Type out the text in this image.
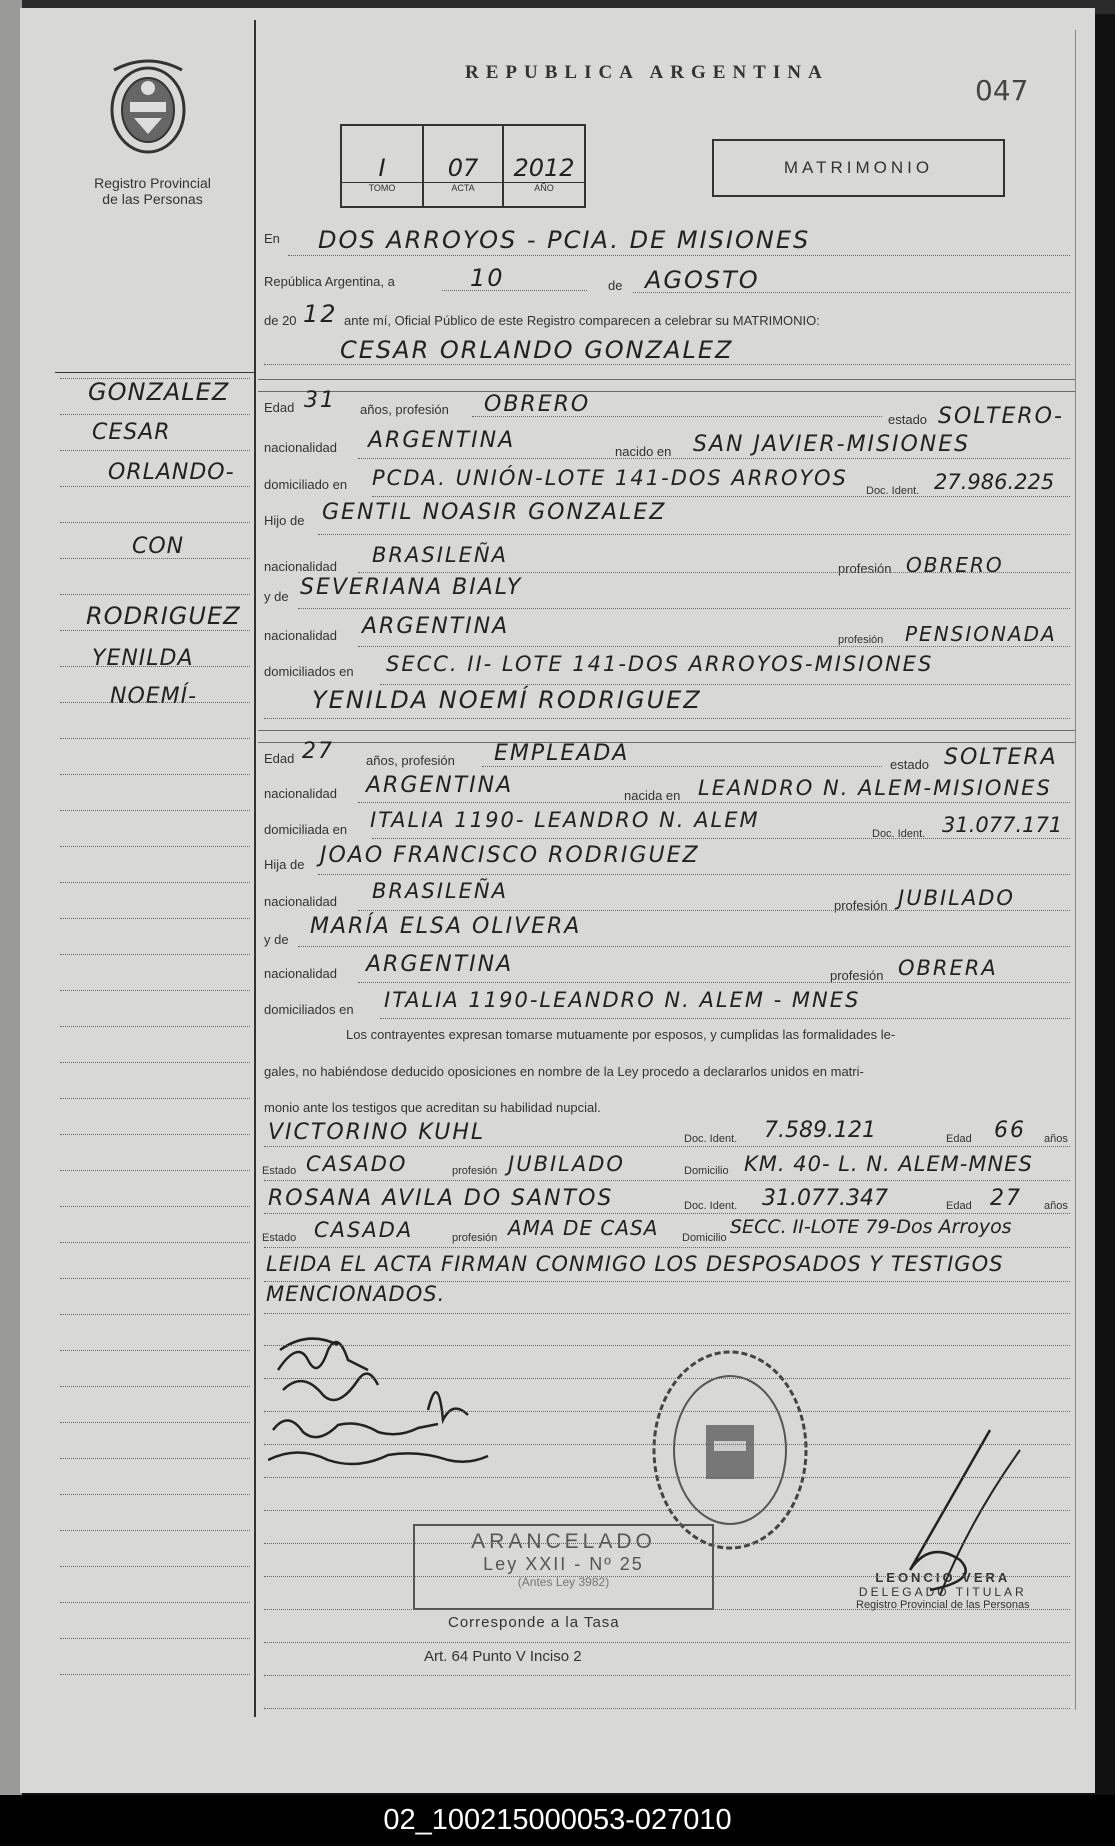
Registro Provincial
de las Personas
REPUBLICA ARGENTINA
047
I
TOMO
07
ACTA
2012
AÑO
MATRIMONIO
En DOS ARROYOS - PCIA. DE MISIONES
República Argentina, a	10	de AGOSTO
de 20 12 ante mí, Oficial Público de este Registro comparecen a celebrar su MATRIMONIO:
CESAR ORLANDO GONZALEZ
Edad 31 años, profesión OBRERO
estado SOLTERO-
nacionalidad ARGENTINA	nacido en SAN JAVIER-MISIONES
domiciliado en PCDA. UNIÓN-LOTE 141-DOS ARROYOS
Doc. Ident. 27.986.225
Hijo de GENTIL NOASIR GONZALEZ
nacionalidad BRASILEÑA
profesión OBRERO
y de SEVERIANA BIALY
nacionalidad ARGENTINA
profesión PENSIONADA
domiciliados en SECC. II- LOTE 141-DOS ARROYOS-MISIONES
YENILDA NOEMÍ RODRIGUEZ
Edad 27 años, profesión EMPLEADA	estado SOLTERA
nacionalidad ARGENTINA	nacida en LEANDRO N. ALEM-MISIONES
domiciliada en ITALIA 1190- LEANDRO N. ALEM
Doc. Ident. 31.077.171
Hija de JOAO FRANCISCO RODRIGUEZ
nacionalidad BRASILEÑA
profesión JUBILADO
y de
MARÍA ELSA OLIVERA
nacionalidad ARGENTINA	profesión OBRERA
domiciliados en ITALIA 1190-LEANDRO N. ALEM - MNES
Los contrayentes expresan tomarse mutuamente por esposos, y cumplidas las formalidades le-
gales, no habiéndose deducido oposiciones en nombre de la Ley procedo a declararlos unidos en matri-
monio ante los testigos que acreditan su habilidad nupcial.
VICTORINO KUHL	Doc. Ident. 7.589.121	Edad 66 años
Estado CASADO	profesión JUBILADO	Domicilio KM. 40- L. N. ALEM-MNES
ROSANA AVILA DO SANTOS	Doc. Ident. 31.077.347	Edad 27 años
Estado CASADA	profesión AMA DE CASA Domicilio SECC. II-LOTE 79-Dos Arroyos
LEIDA EL ACTA FIRMAN CONMIGO LOS DESPOSADOS Y TESTIGOS
MENCIONADOS.
ARANCELADO
Ley XXII - Nº 25
(Antes Ley 3982)
Corresponde a la Tasa
Art. 64 Punto V Inciso 2
LEONCIO VERA
DELEGADO TITULAR
Registro Provincial de las Personas
GONZALEZ
CESAR
ORLANDO-
CON
RODRIGUEZ
YENILDA
NOEMÍ-
02_100215000053-027010
